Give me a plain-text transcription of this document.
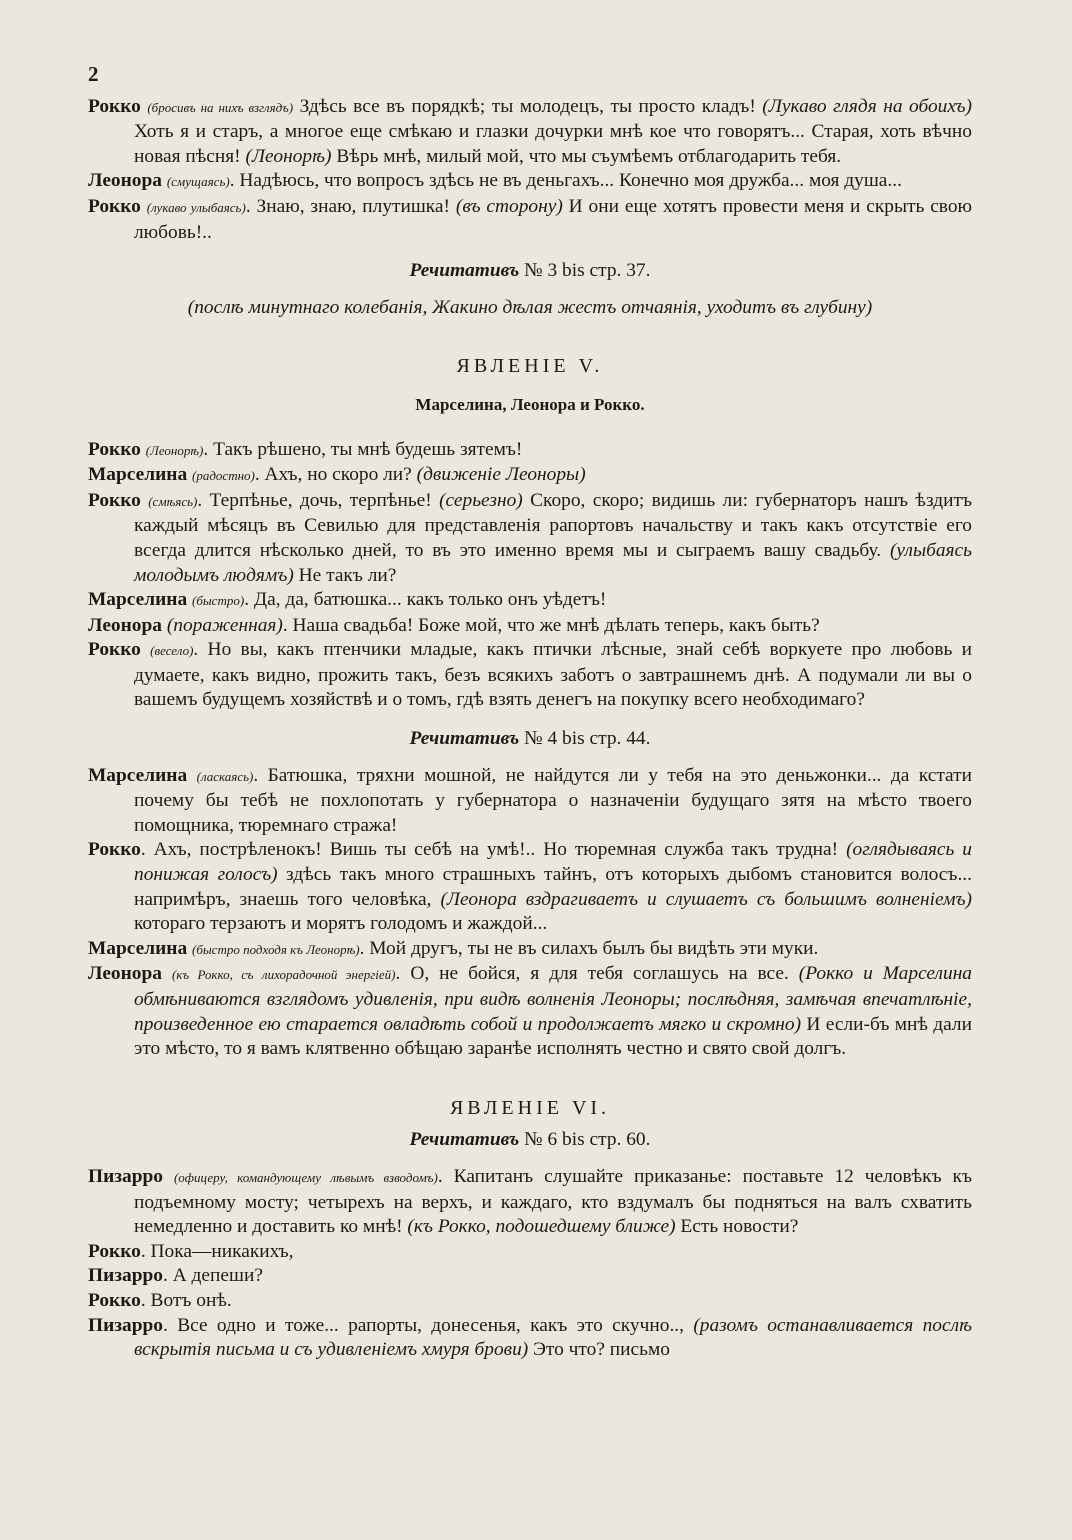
2

Рокко (бросивъ на нихъ взглядъ) Здѣсь все въ порядкѣ; ты молодецъ, ты просто кладъ! (Лукаво глядя на обоихъ) Хоть я и старъ, а многое еще смѣкаю и глазки дочурки мнѣ кое что говорятъ... Старая, хоть вѣчно новая пѣсня! (Леонорѣ) Вѣрь мнѣ, милый мой, что мы съумѣемъ отблагодарить тебя.

Леонора (смущаясь). Надѣюсь, что вопросъ здѣсь не въ деньгахъ... Конечно моя дружба... моя душа...

Рокко (лукаво улыбаясь). Знаю, знаю, плутишка! (въ сторону) И они еще хотятъ провести меня и скрыть свою любовь!..

Речитативъ № 3 bis стр. 37.
(послѣ минутнаго колебанія, Жакино дѣлая жестъ отчаянія, уходитъ въ глубину)
ЯВЛЕНІЕ V.
Марселина, Леонора и Рокко.

Рокко (Леонорѣ). Такъ рѣшено, ты мнѣ будешь зятемъ!

Марселина (радостно). Ахъ, но скоро ли? (движеніе Леоноры)

Рокко (смѣясь). Терпѣнье, дочь, терпѣнье! (серьезно) Скоро, скоро; видишь ли: губернаторъ нашъ ѣздитъ каждый мѣсяцъ въ Севилью для представленія рапортовъ начальству и такъ какъ отсутствіе его всегда длится нѣсколько дней, то въ это именно время мы и сыграемъ вашу свадьбу. (улыбаясь молодымъ людямъ) Не такъ ли?

Марселина (быстро). Да, да, батюшка... какъ только онъ уѣдетъ!

Леонора (пораженная). Наша свадьба! Боже мой, что же мнѣ дѣлать теперь, какъ быть?

Рокко (весело). Но вы, какъ птенчики младые, какъ птички лѣсные, знай себѣ воркуете про любовь и думаете, какъ видно, прожить такъ, безъ всякихъ заботъ о завтрашнемъ днѣ. А подумали ли вы о вашемъ будущемъ хозяйствѣ и о томъ, гдѣ взять денегъ на покупку всего необходимаго?

Речитативъ № 4 bis стр. 44.

Марселина (ласкаясь). Батюшка, тряхни мошной, не найдутся ли у тебя на это деньжонки... да кстати почему бы тебѣ не похлопотать у губернатора о назначеніи будущаго зятя на мѣсто твоего помощника, тюремнаго стража!

Рокко. Ахъ, пострѣленокъ! Вишь ты себѣ на умѣ!.. Но тюремная служба такъ трудна! (оглядываясь и понижая голосъ) здѣсь такъ много страшныхъ тайнъ, отъ которыхъ дыбомъ становится волосъ... напримѣръ, знаешь того человѣка, (Леонора вздрагиваетъ и слушаетъ съ большимъ волненіемъ) котораго терзаютъ и морятъ голодомъ и жаждой...

Марселина (быстро подходя къ Леонорѣ). Мой другъ, ты не въ силахъ былъ бы видѣть эти муки.

Леонора (къ Рокко, съ лихорадочной энергіей). О, не бойся, я для тебя соглашусь на все. (Рокко и Марселина обмѣниваются взглядомъ удивленія, при видѣ волненія Леоноры; послѣдняя, замѣчая впечатлѣніе, произведенное ею старается овладѣть собой и продолжаетъ мягко и скромно) И если-бъ мнѣ дали это мѣсто, то я вамъ клятвенно обѣщаю заранѣе исполнять честно и свято свой долгъ.

ЯВЛЕНІЕ VI.
Речитативъ № 6 bis стр. 60.

Пизарро (офицеру, командующему лѣвымъ взводомъ). Капитанъ слушайте приказанье: поставьте 12 человѣкъ къ подъемному мосту; четырехъ на верхъ, и каждаго, кто вздумалъ бы подняться на валъ схватить немедленно и доставить ко мнѣ! (къ Рокко, подошедшему ближе) Есть новости?

Рокко. Пока—никакихъ,

Пизарро. А депеши?

Рокко. Вотъ онѣ.

Пизарро. Все одно и тоже... рапорты, донесенья, какъ это скучно.., (разомъ останавливается послѣ вскрытія письма и съ удивленіемъ хмуря брови) Это что? письмо
